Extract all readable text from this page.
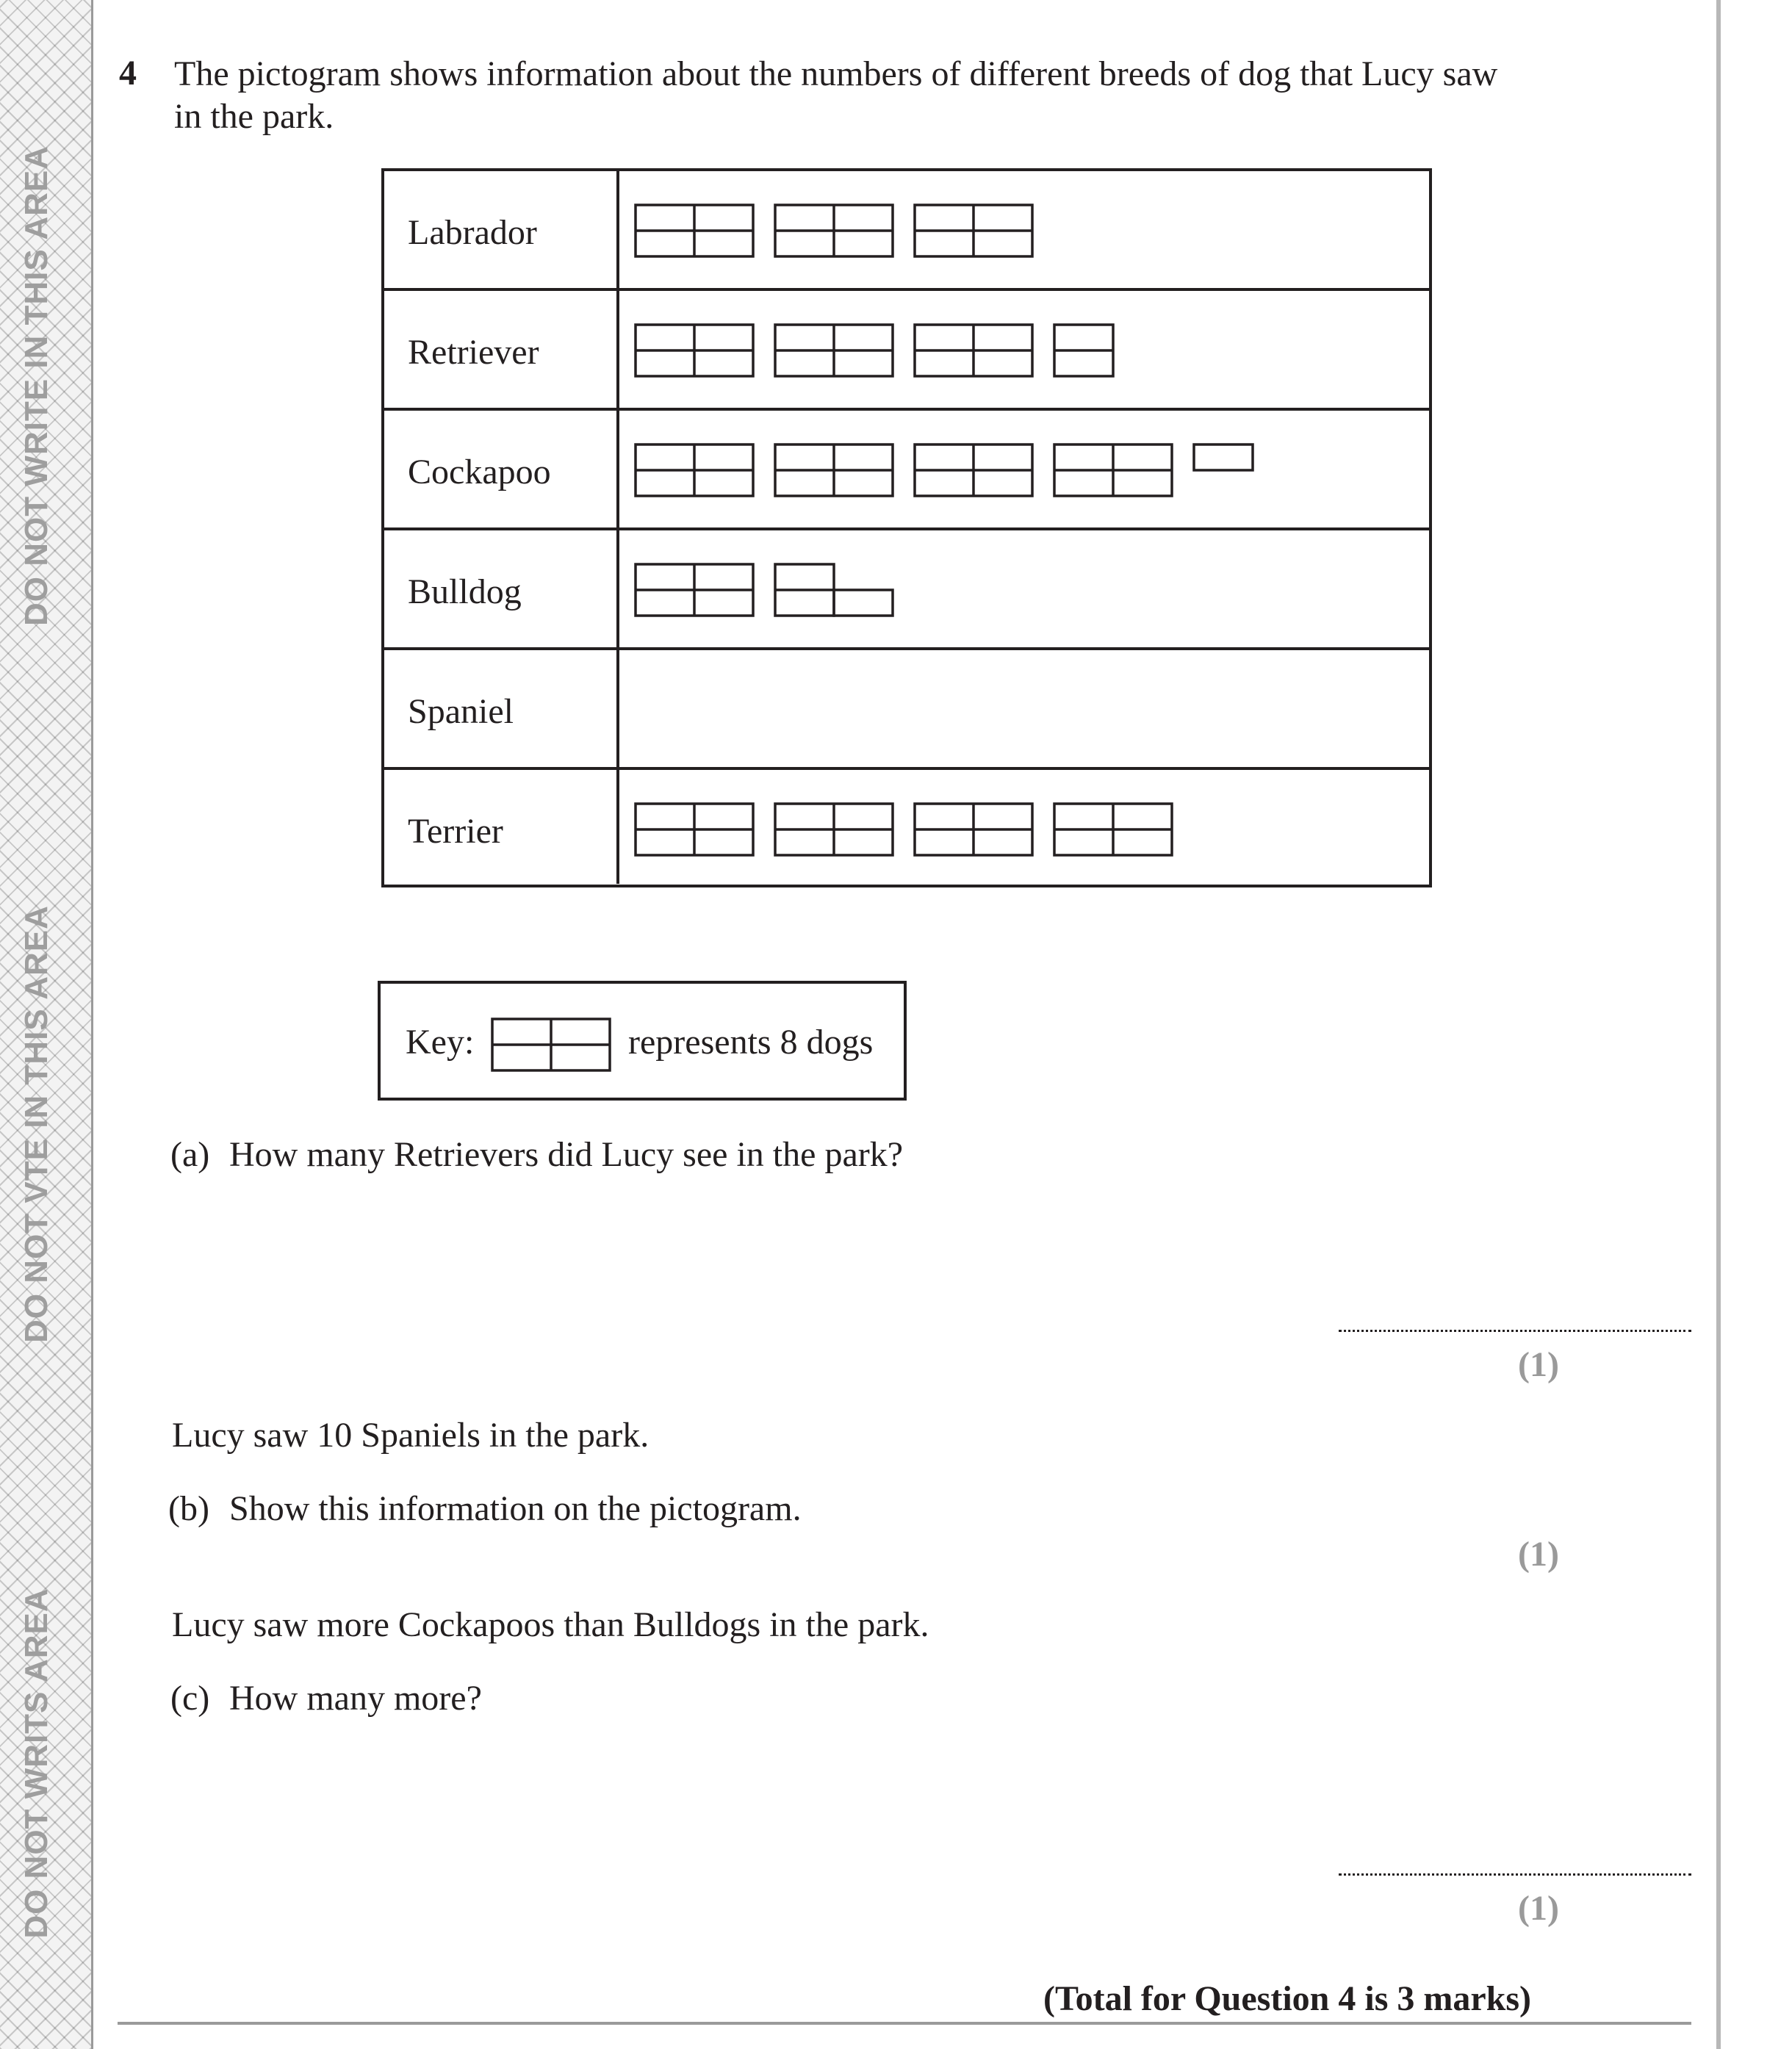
DO NOT WRITE IN THIS AREA
DO NOT VTE IN THIS AREA
DO NOT WRITS AREA
4 The pictogram shows information about the numbers of different breeds of dog that Lucy saw in the park.
Labrador
Retriever
Cockapoo
Bulldog
Spaniel
Terrier
Key:	represents 8 dogs
(a) How many Retrievers did Lucy see in the park?
(1)
Lucy saw 10 Spaniels in the park.
(b) Show this information on the pictogram.
(1)
Lucy saw more Cockapoos than Bulldogs in the park.
(c) How many more?
(1)
(Total for Question 4 is 3 marks)
